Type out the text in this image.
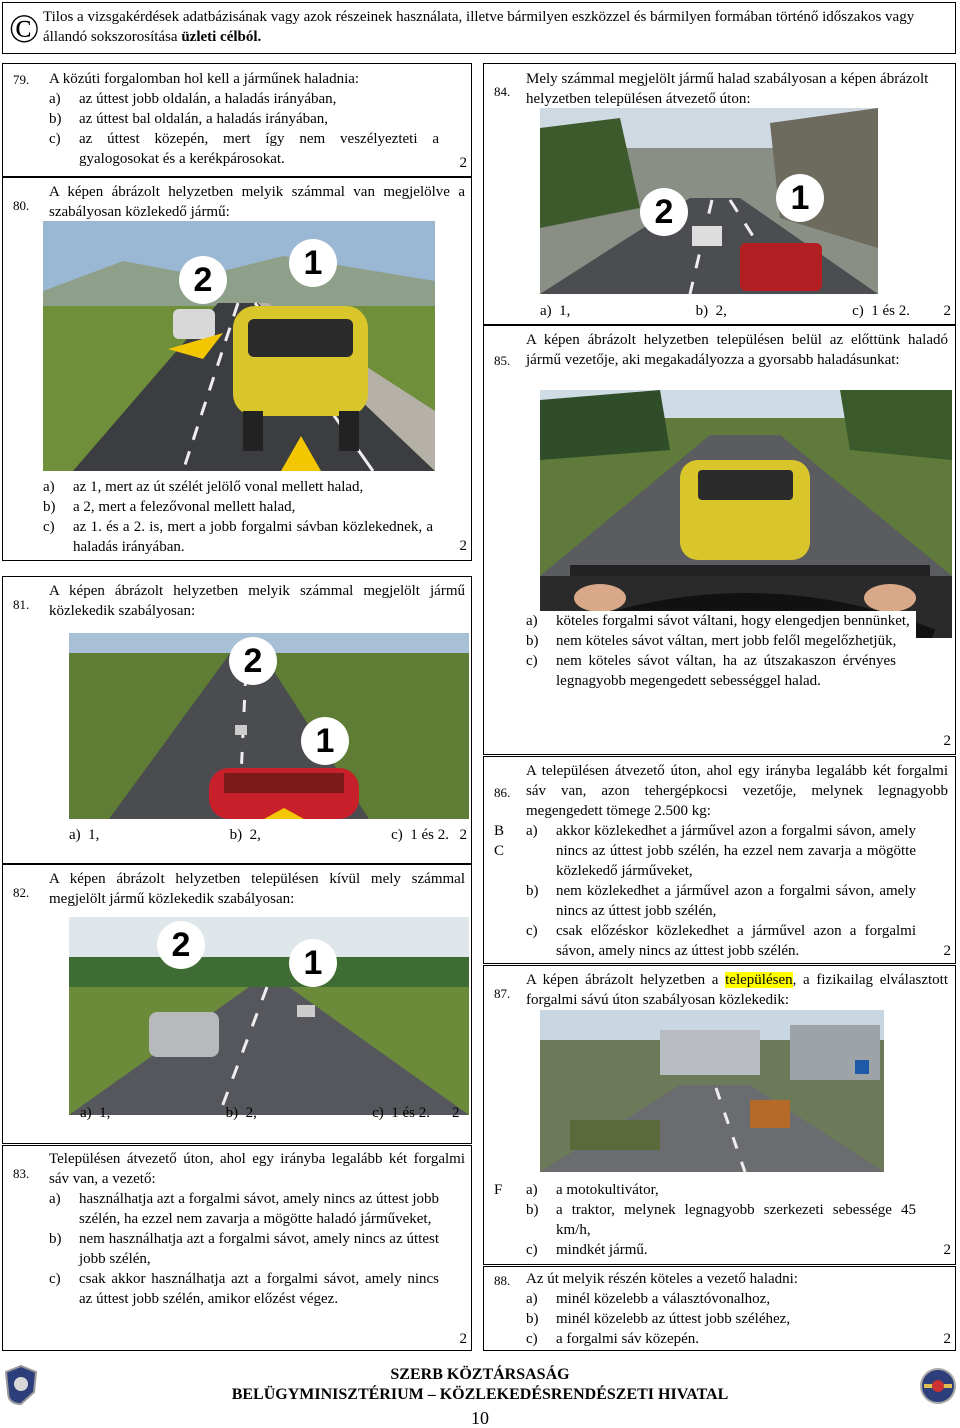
© Tilos a vizsgakérdések adatbázisának vagy azok részeinek használata, illetve bármilyen eszközzel és bármilyen formában történő időszakos vagy állandó sokszorosítása üzleti célból.
79. A közúti forgalomban hol kell a járműnek haladnia:
a)	az úttest jobb oldalán, a haladás irányában,
b)	az úttest bal oldalán, a haladás irányában,
c)	az úttest közepén, mert így nem veszélyezteti a gyalogosokat és a kerékpárosokat.	2
80.
A képen ábrázolt helyzetben melyik számmal van megjelölve a szabályosan közlekedő jármű:
2	1
a)	az 1, mert az út szélét jelölő vonal mellett halad,
b)	a 2, mert a felezővonal mellett halad,
c)	az 1. és a 2. is, mert a jobb forgalmi sávban közlekednek, a haladás irányában.	2
81.
A képen ábrázolt helyzetben melyik számmal megjelölt jármű közlekedik szabályosan:
2
1
a) 1,	b) 2,	c) 1 és 2. 2
82.
A képen ábrázolt helyzetben településen kívül mely számmal megjelölt jármű közlekedik szabályosan:
2	1
a) 1,	b) 2,	c) 1 és 2. 2
83.
Településen átvezető úton, ahol egy irányba legalább két forgalmi sáv van, a vezető:
a)	használhatja azt a forgalmi sávot, amely nincs az úttest jobb szélén, ha ezzel nem zavarja a mögötte haladó járműveket,
b)	nem használhatja azt a forgalmi sávot, amely nincs az úttest jobb szélén,
c)	csak akkor használhatja azt a forgalmi sávot, amely nincs az úttest jobb szélén, amikor előzést végez.
2
84.
Mely számmal megjelölt jármű halad szabályosan a képen ábrázolt helyzetben településen átvezető úton:
2	1
a) 1,	b) 2,	c) 1 és 2. 2
85.
A képen ábrázolt helyzetben településen belül az előttünk haladó jármű vezetője, aki megakadályozza a gyorsabb haladásunkat:
a)	köteles forgalmi sávot váltani, hogy elengedjen bennünket,
b)	nem köteles sávot váltan, mert jobb felől megelőzhetjük,
c)	nem köteles sávot váltan, ha az útszakaszon érvényes legnagyobb megengedett sebességgel halad.
2
86.
B
C
A településen átvezető úton, ahol egy irányba legalább két forgalmi sáv van, azon tehergépkocsi vezetője, melynek legnagyobb megengedett tömege 2.500 kg:
a)	akkor közlekedhet a járművel azon a forgalmi sávon, amely nincs az úttest jobb szélén, ha ezzel nem zavarja a mögötte közlekedő járműveket,
b)	nem közlekedhet a járművel azon a forgalmi sávon, amely nincs az úttest jobb szélén,
c)	csak előzéskor közlekedhet a járművel azon a forgalmi sávon, amely nincs az úttest jobb szélén.	2
87.
A képen ábrázolt helyzetben a településen, a fizikailag elválasztott forgalmi sávú úton szabályosan közlekedik:
F a)	a motokultivátor,
b)	a traktor, melynek legnagyobb szerkezeti sebessége 45 km/h,
c)	mindkét jármű.	2
88. Az út melyik részén köteles a vezető haladni:
a)	minél közelebb a választóvonalhoz,
b)	minél közelebb az úttest jobb széléhez,
c)	a forgalmi sáv közepén.	2
SZERB KÖZTÁRSASÁG
BELÜGYMINISZTÉRIUM – KÖZLEKEDÉSRENDÉSZETI HIVATAL
10
